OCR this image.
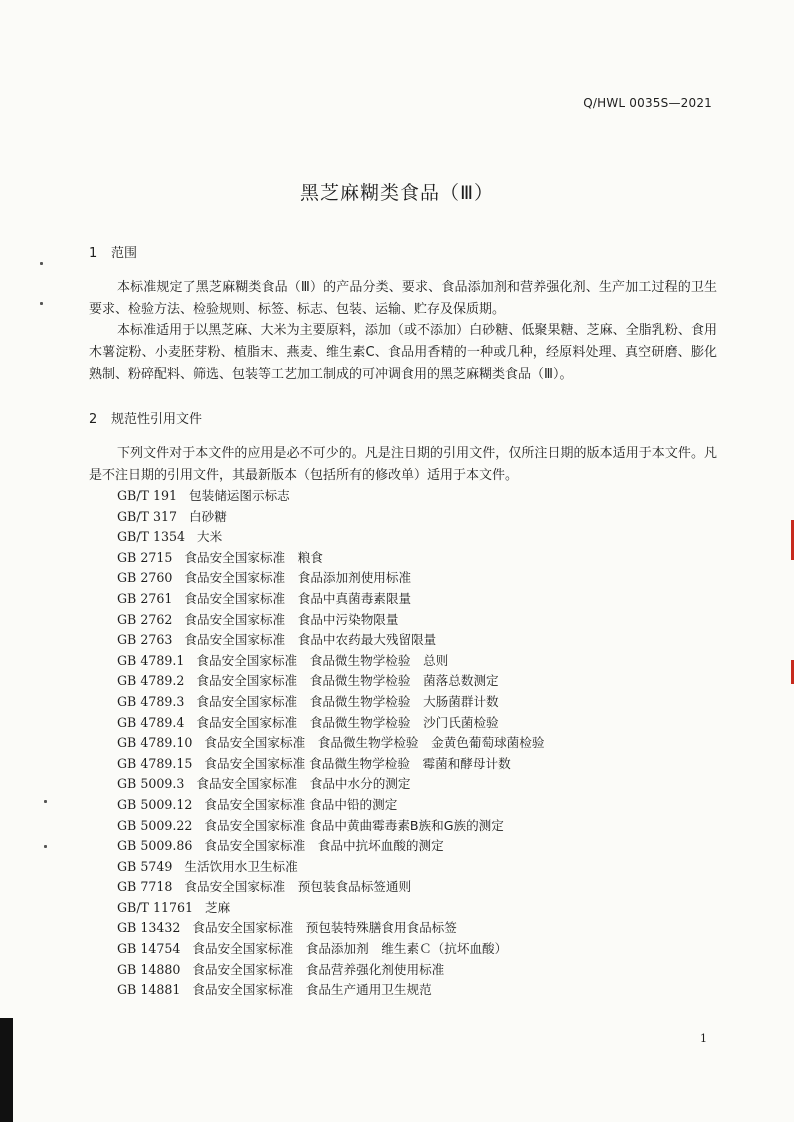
Q/HWL 0035S—2021
黑芝麻糊类食品（Ⅲ）
1 范围
本标准规定了黑芝麻糊类食品（Ⅲ）的产品分类、要求、食品添加剂和营养强化剂、生产加工过程的卫生要求、检验方法、检验规则、标签、标志、包装、运输、贮存及保质期。
本标准适用于以黑芝麻、大米为主要原料，添加（或不添加）白砂糖、低聚果糖、芝麻、全脂乳粉、食用木薯淀粉、小麦胚芽粉、植脂末、燕麦、维生素C、食品用香精的一种或几种，经原料处理、真空研磨、膨化熟制、粉碎配料、筛选、包装等工艺加工制成的可冲调食用的黑芝麻糊类食品（Ⅲ）。
2 规范性引用文件
下列文件对于本文件的应用是必不可少的。凡是注日期的引用文件，仅所注日期的版本适用于本文件。凡是不注日期的引用文件，其最新版本（包括所有的修改单）适用于本文件。
GB/T 191 包装储运图示标志
GB/T 317 白砂糖
GB/T 1354 大米
GB 2715 食品安全国家标准　粮食
GB 2760 食品安全国家标准　食品添加剂使用标准
GB 2761 食品安全国家标准　食品中真菌毒素限量
GB 2762 食品安全国家标准　食品中污染物限量
GB 2763 食品安全国家标准　食品中农药最大残留限量
GB 4789.1 食品安全国家标准　食品微生物学检验　总则
GB 4789.2 食品安全国家标准　食品微生物学检验　菌落总数测定
GB 4789.3 食品安全国家标准　食品微生物学检验　大肠菌群计数
GB 4789.4 食品安全国家标准　食品微生物学检验　沙门氏菌检验
GB 4789.10 食品安全国家标准　食品微生物学检验　金黄色葡萄球菌检验
GB 4789.15 食品安全国家标准 食品微生物学检验　霉菌和酵母计数
GB 5009.3 食品安全国家标准　食品中水分的测定
GB 5009.12 食品安全国家标准 食品中铅的测定
GB 5009.22 食品安全国家标准 食品中黄曲霉毒素B族和G族的测定
GB 5009.86 食品安全国家标准　食品中抗坏血酸的测定
GB 5749 生活饮用水卫生标准
GB 7718 食品安全国家标准　预包装食品标签通则
GB/T 11761 芝麻
GB 13432 食品安全国家标准　预包装特殊膳食用食品标签
GB 14754 食品安全国家标准　食品添加剂　维生素Ｃ（抗坏血酸）
GB 14880 食品安全国家标准　食品营养强化剂使用标准
GB 14881 食品安全国家标准　食品生产通用卫生规范
1
